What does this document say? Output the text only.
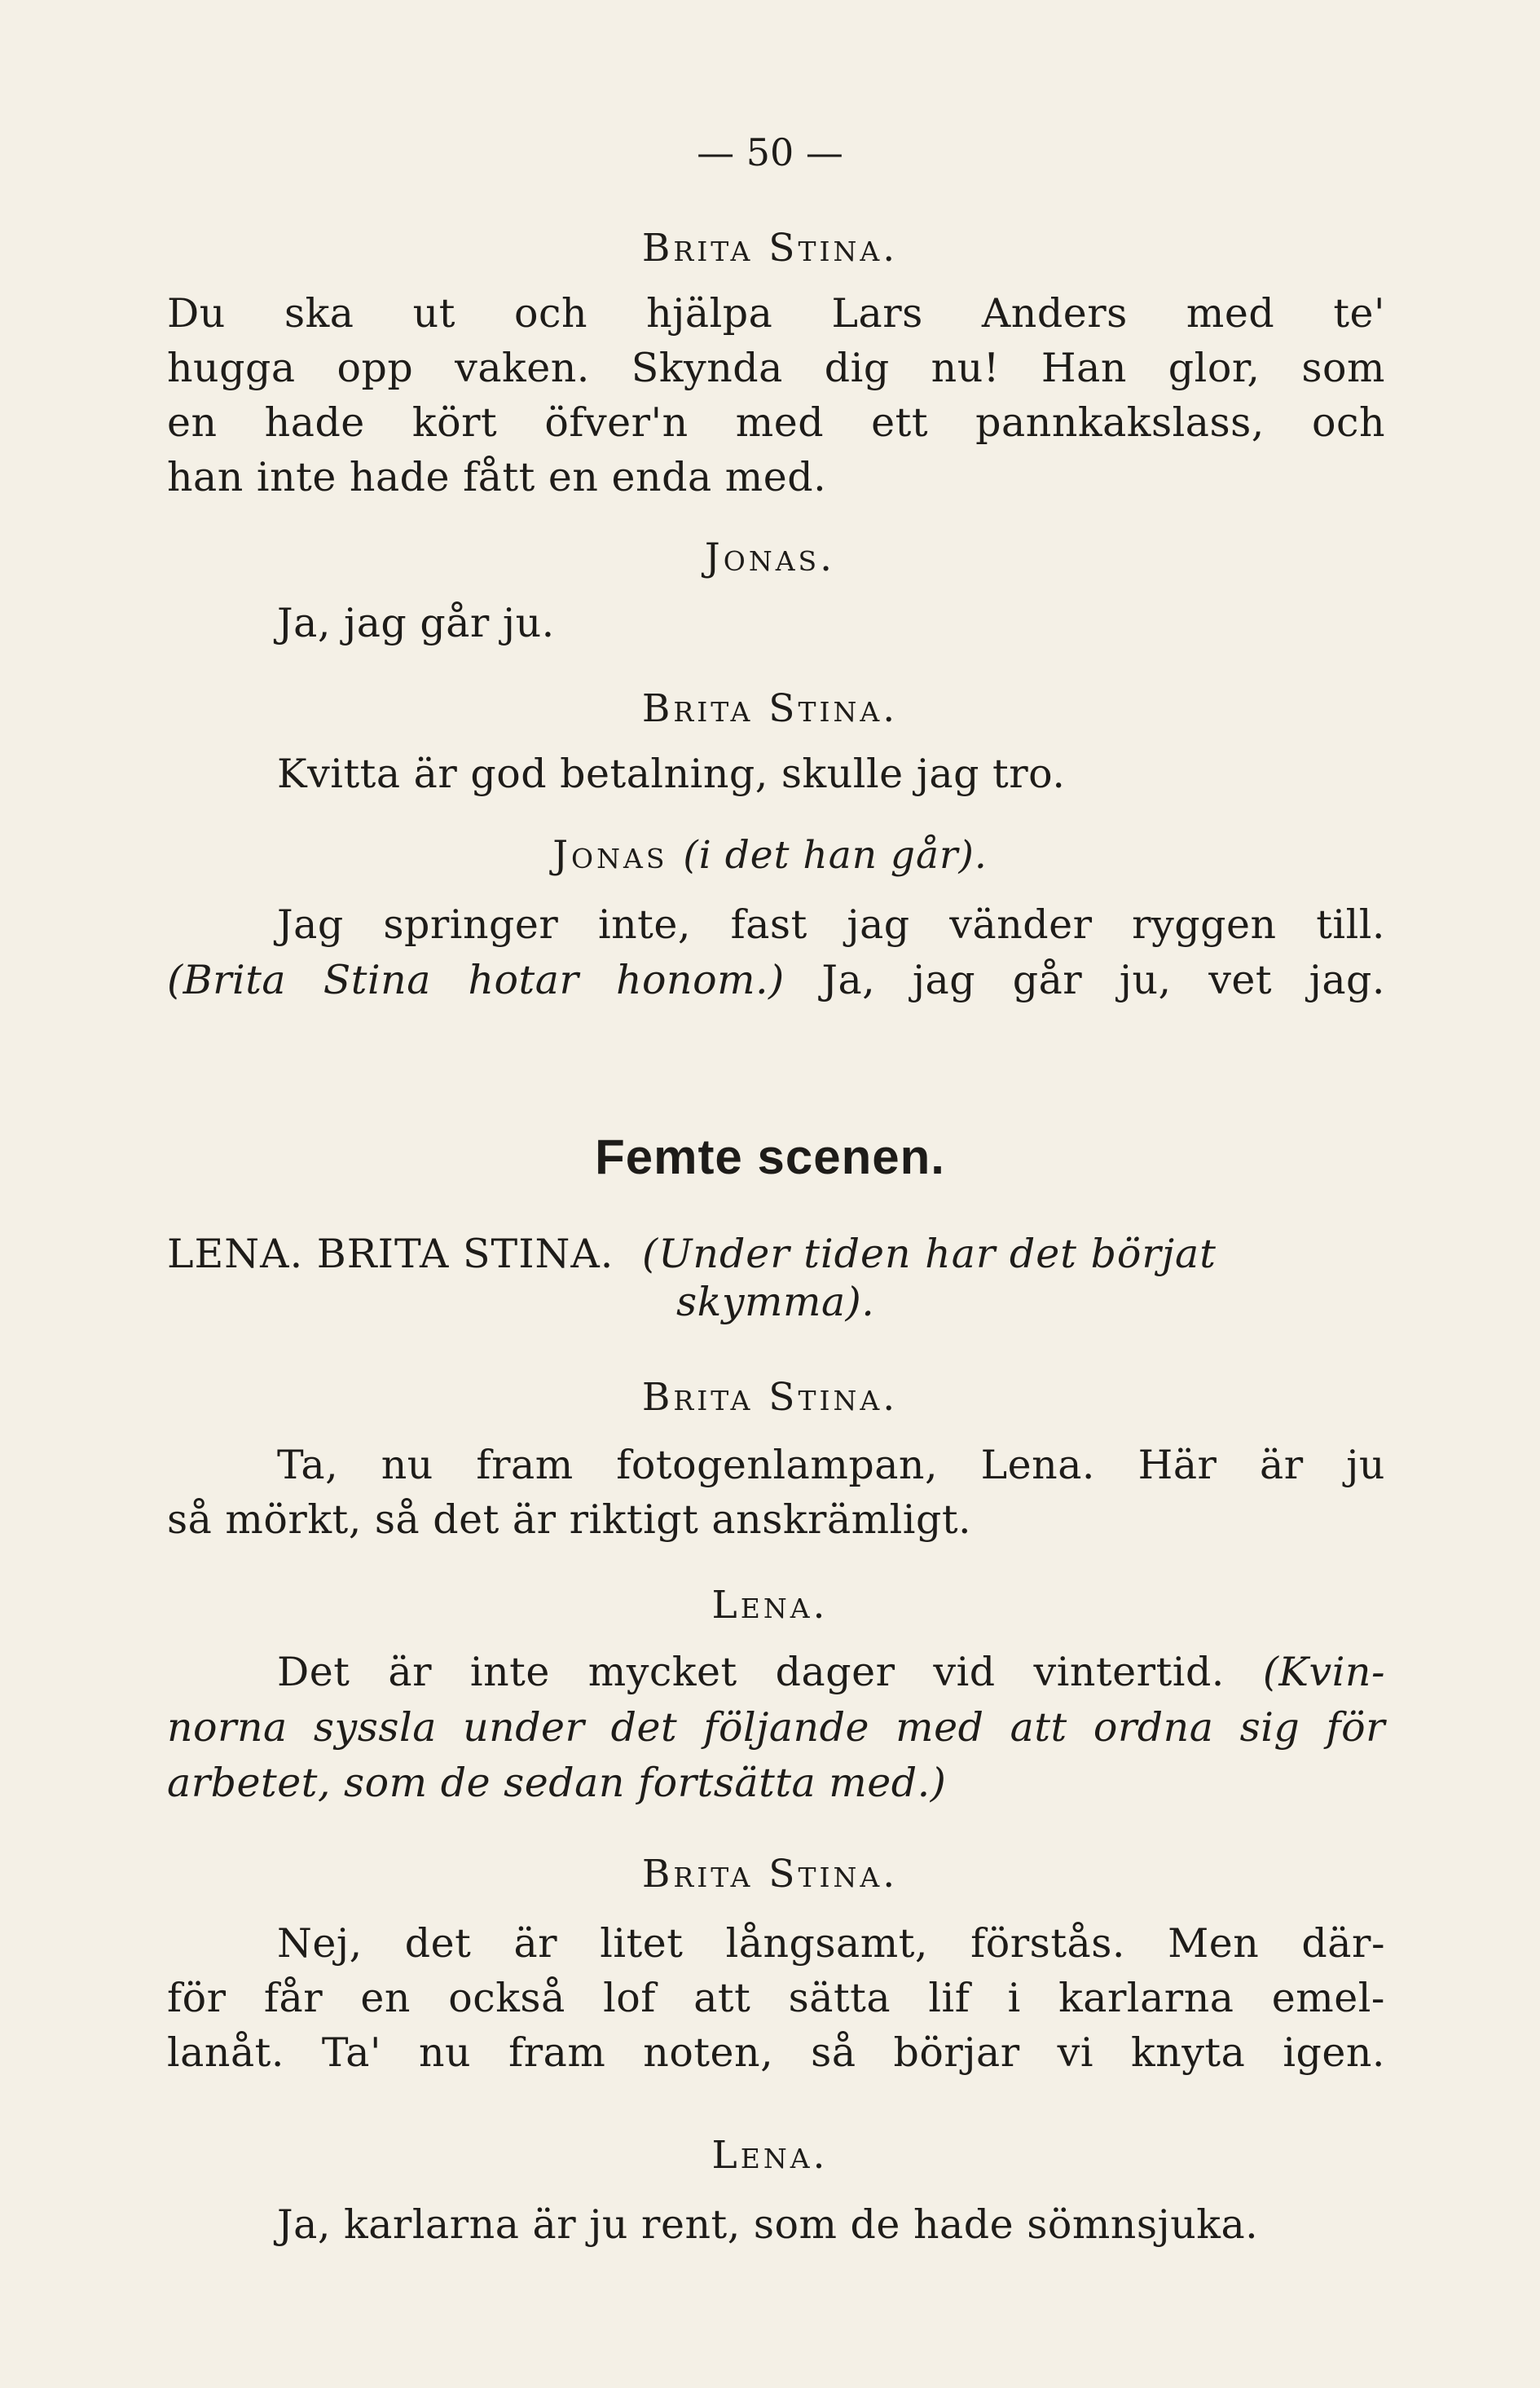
— 50 —
Brita Stina.
Du ska ut och hjälpa Lars Anders med te'
hugga opp vaken. Skynda dig nu! Han glor, som
en hade kört öfver'n med ett pannkakslass, och
han inte hade fått en enda med.
Jonas.
Ja, jag går ju.
Brita Stina.
Kvitta är god betalning, skulle jag tro.
Jonas (i det han går).
Jag springer inte, fast jag vänder ryggen till.
(Brita Stina hotar honom.) Ja, jag går ju, vet jag.
Femte scenen.
LENA. BRITA STINA. (Under tiden har det börjat
skymma).
Brita Stina.
Ta, nu fram fotogenlampan, Lena. Här är ju
så mörkt, så det är riktigt anskrämligt.
Lena.
Det är inte mycket dager vid vintertid. (Kvin-
norna syssla under det följande med att ordna sig för
arbetet, som de sedan fortsätta med.)
Brita Stina.
Nej, det är litet långsamt, förstås. Men där-
för får en också lof att sätta lif i karlarna emel-
lanåt. Ta' nu fram noten, så börjar vi knyta igen.
Lena.
Ja, karlarna är ju rent, som de hade sömnsjuka.
